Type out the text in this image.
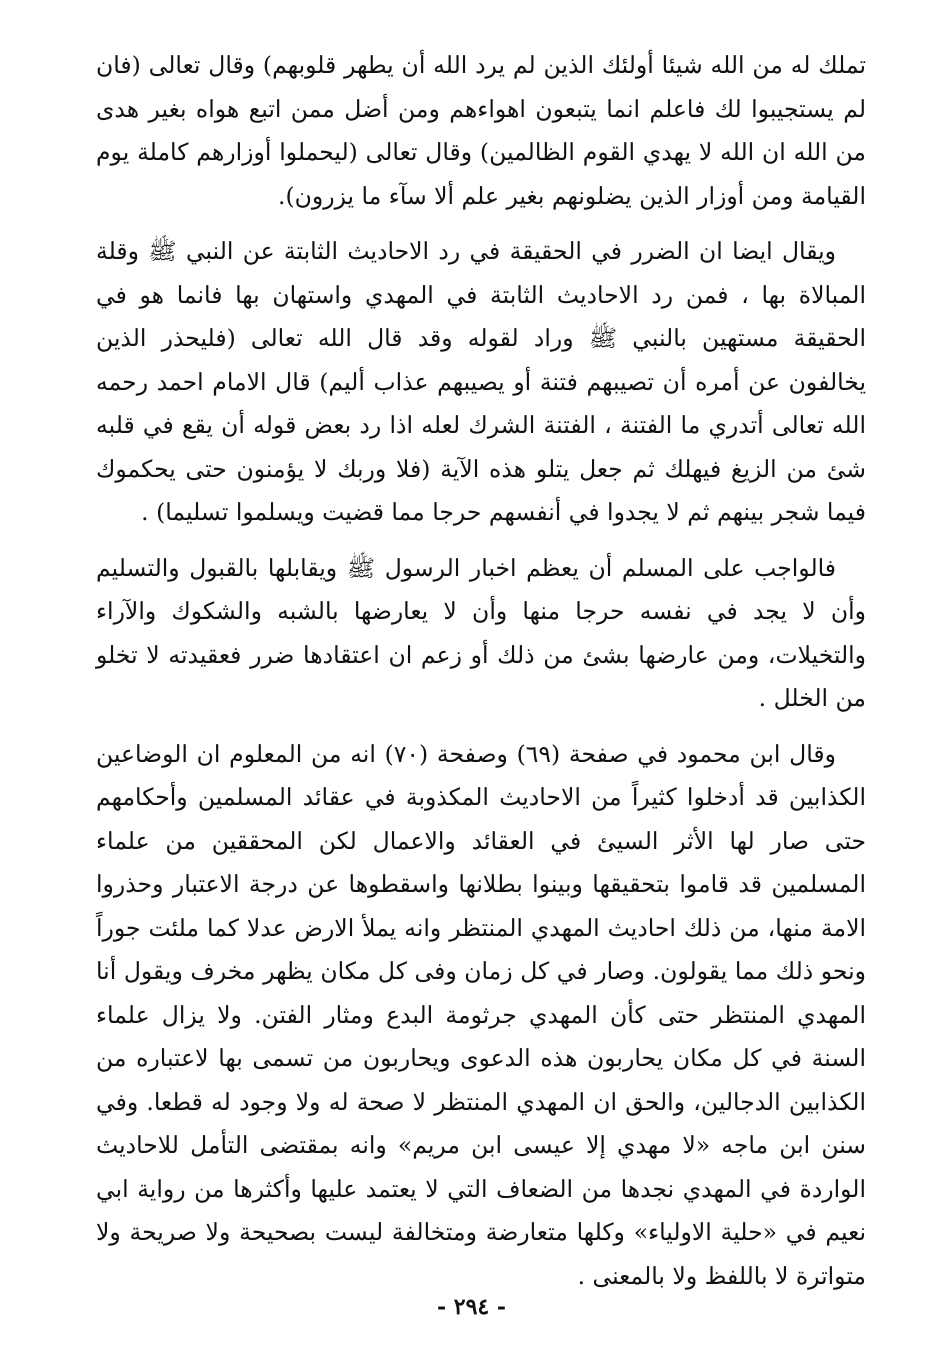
تملك له من الله شيئا أولئك الذين لم يرد الله أن يطهر قلوبهم) وقال تعالى (فان لم يستجيبوا لك فاعلم انما يتبعون اهواءهم ومن أضل ممن اتبع هواه بغير هدى من الله ان الله لا يهدي القوم الظالمين) وقال تعالى (ليحملوا أوزارهم كاملة يوم القيامة ومن أوزار الذين يضلونهم بغير علم ألا سآء ما يزرون).

ويقال ايضا ان الضرر في الحقيقة في رد الاحاديث الثابتة عن النبي ﷺ وقلة المبالاة بها ، فمن رد الاحاديث الثابتة في المهدي واستهان بها فانما هو في الحقيقة مستهين بالنبي ﷺ وراد لقوله وقد قال الله تعالى (فليحذر الذين يخالفون عن أمره أن تصيبهم فتنة أو يصيبهم عذاب أليم) قال الامام احمد رحمه الله تعالى أتدري ما الفتنة ، الفتنة الشرك لعله اذا رد بعض قوله أن يقع في قلبه شئ من الزيغ فيهلك ثم جعل يتلو هذه الآية (فلا وربك لا يؤمنون حتى يحكموك فيما شجر بينهم ثم لا يجدوا في أنفسهم حرجا مما قضيت ويسلموا تسليما) .

فالواجب على المسلم أن يعظم اخبار الرسول ﷺ ويقابلها بالقبول والتسليم وأن لا يجد في نفسه حرجا منها وأن لا يعارضها بالشبه والشكوك والآراء والتخيلات، ومن عارضها بشئ من ذلك أو زعم ان اعتقادها ضرر فعقيدته لا تخلو من الخلل .

وقال ابن محمود في صفحة (٦٩) وصفحة (٧٠) انه من المعلوم ان الوضاعين الكذابين قد أدخلوا كثيراً من الاحاديث المكذوبة في عقائد المسلمين وأحكامهم حتى صار لها الأثر السيئ في العقائد والاعمال لكن المحققين من علماء المسلمين قد قاموا بتحقيقها وبينوا بطلانها واسقطوها عن درجة الاعتبار وحذروا الامة منها، من ذلك احاديث المهدي المنتظر وانه يملأ الارض عدلا كما ملئت جوراً ونحو ذلك مما يقولون. وصار في كل زمان وفى كل مكان يظهر مخرف ويقول أنا المهدي المنتظر حتى كأن المهدي جرثومة البدع ومثار الفتن. ولا يزال علماء السنة في كل مكان يحاربون هذه الدعوى ويحاربون من تسمى بها لاعتباره من الكذابين الدجالين، والحق ان المهدي المنتظر لا صحة له ولا وجود له قطعا. وفي سنن ابن ماجه «لا مهدي إلا عيسى ابن مريم» وانه بمقتضى التأمل للاحاديث الواردة في المهدي نجدها من الضعاف التي لا يعتمد عليها وأكثرها من رواية ابي نعيم في «حلية الاولياء» وكلها متعارضة ومتخالفة ليست بصحيحة ولا صريحة ولا متواترة لا باللفظ ولا بالمعنى .

- ٢٩٤ -
